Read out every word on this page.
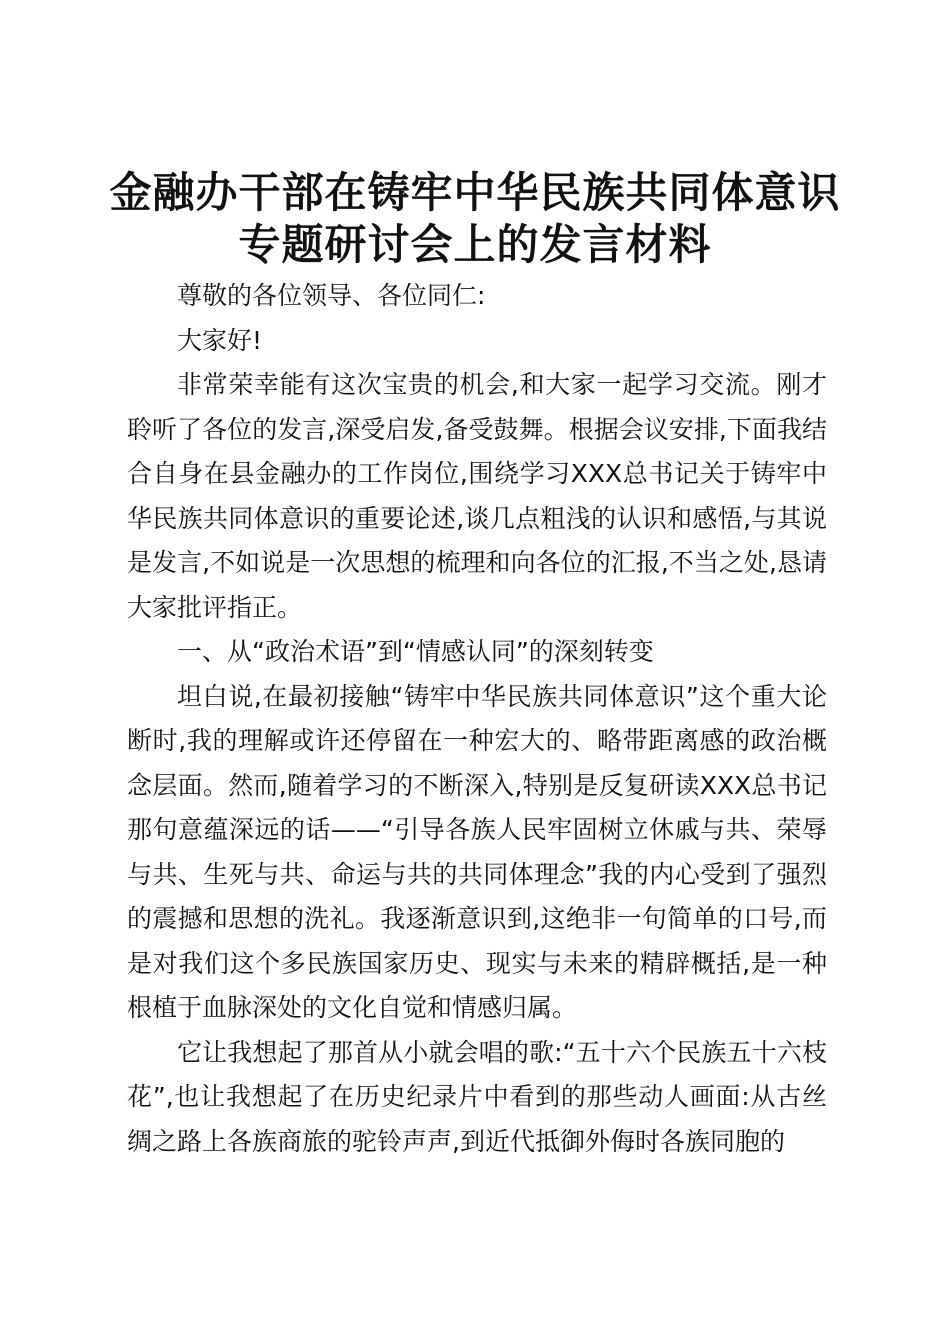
金融办干部在铸牢中华民族共同体意识
专题研讨会上的发言材料

尊敬的各位领导、各位同仁:

大家好!

非常荣幸能有这次宝贵的机会,和大家一起学习交流。刚才聆听了各位的发言,深受启发,备受鼓舞。根据会议安排,下面我结合自身在县金融办的工作岗位,围绕学习XXX总书记关于铸牢中华民族共同体意识的重要论述,谈几点粗浅的认识和感悟,与其说是发言,不如说是一次思想的梳理和向各位的汇报,不当之处,恳请大家批评指正。

一、从“政治术语”到“情感认同”的深刻转变

坦白说,在最初接触“铸牢中华民族共同体意识”这个重大论断时,我的理解或许还停留在一种宏大的、略带距离感的政治概念层面。然而,随着学习的不断深入,特别是反复研读XXX总书记那句意蕴深远的话——“引导各族人民牢固树立休戚与共、荣辱与共、生死与共、命运与共的共同体理念”我的内心受到了强烈的震撼和思想的洗礼。我逐渐意识到,这绝非一句简单的口号,而是对我们这个多民族国家历史、现实与未来的精辟概括,是一种根植于血脉深处的文化自觉和情感归属。

它让我想起了那首从小就会唱的歌:“五十六个民族五十六枝花”,也让我想起了在历史纪录片中看到的那些动人画面:从古丝绸之路上各族商旅的驼铃声声,到近代抵御外侮时各族同胞的
